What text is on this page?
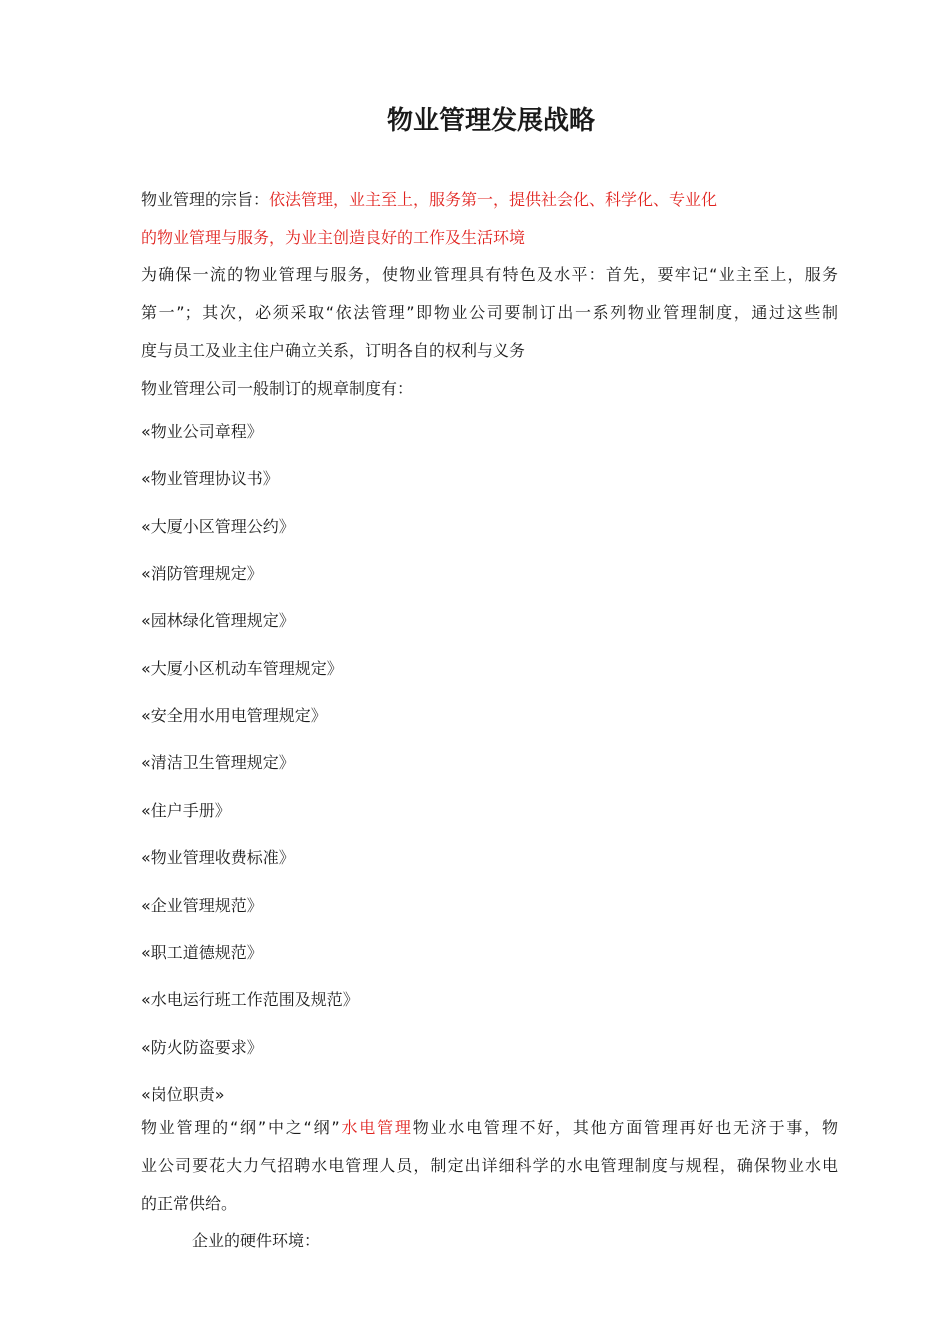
物业管理发展战略
物业管理的宗旨：依法管理，业主至上，服务第一，提供社会化、科学化、专业化
的物业管理与服务，为业主创造良好的工作及生活环境
为确保一流的物业管理与服务，使物业管理具有特色及水平：首先，要牢记“业主至上，服务
第一”；其次，必须采取“依法管理”即物业公司要制订出一系列物业管理制度，通过这些制
度与员工及业主住户确立关系，订明各自的权利与义务
物业管理公司一般制订的规章制度有：
«物业公司章程》
«物业管理协议书》
«大厦小区管理公约》
«消防管理规定》
«园林绿化管理规定》
«大厦小区机动车管理规定》
«安全用水用电管理规定》
«清洁卫生管理规定》
«住户手册》
«物业管理收费标准》
«企业管理规范》
«职工道德规范》
«水电运行班工作范围及规范》
«防火防盗要求》
«岗位职责»
物业管理的“纲”中之“纲”水电管理物业水电管理不好，其他方面管理再好也无济于事，物
业公司要花大力气招聘水电管理人员，制定出详细科学的水电管理制度与规程，确保物业水电
的正常供给。
企业的硬件环境：
